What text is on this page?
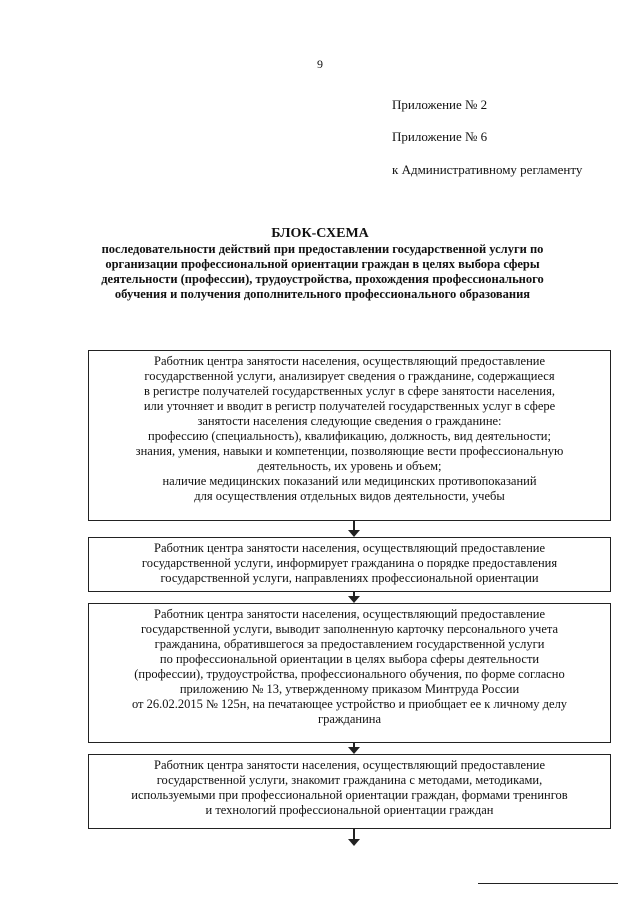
9
Приложение № 2
Приложение № 6
к Административному регламенту
БЛОК-СХЕМА
последовательности действий при предоставлении государственной услуги по организации профессиональной ориентации граждан в целях выбора сферы деятельности (профессии), трудоустройства, прохождения профессионального обучения и получения дополнительного профессионального образования
Работник центра занятости населения, осуществляющий предоставление
государственной услуги, анализирует сведения о гражданине, содержащиеся
в регистре получателей государственных услуг в сфере занятости населения,
или уточняет и вводит в регистр получателей государственных услуг в сфере
занятости населения следующие сведения о гражданине:
профессию (специальность), квалификацию, должность, вид деятельности;
знания, умения, навыки и компетенции, позволяющие вести профессиональную
деятельность, их уровень и объем;
наличие медицинских показаний или медицинских противопоказаний
для осуществления отдельных видов деятельности, учебы
Работник центра занятости населения, осуществляющий предоставление
государственной услуги, информирует гражданина о порядке предоставления
государственной услуги, направлениях профессиональной ориентации
Работник центра занятости населения, осуществляющий предоставление
государственной услуги, выводит заполненную карточку персонального учета
гражданина, обратившегося за предоставлением государственной услуги
по профессиональной ориентации в целях выбора сферы деятельности
(профессии), трудоустройства, профессионального обучения, по форме согласно
приложению № 13, утвержденному приказом Минтруда России
от 26.02.2015 № 125н, на печатающее устройство и приобщает ее к личному делу
гражданина
Работник центра занятости населения, осуществляющий предоставление
государственной услуги, знакомит гражданина с методами, методиками,
используемыми при профессиональной ориентации граждан, формами тренингов
и технологий профессиональной ориентации граждан
